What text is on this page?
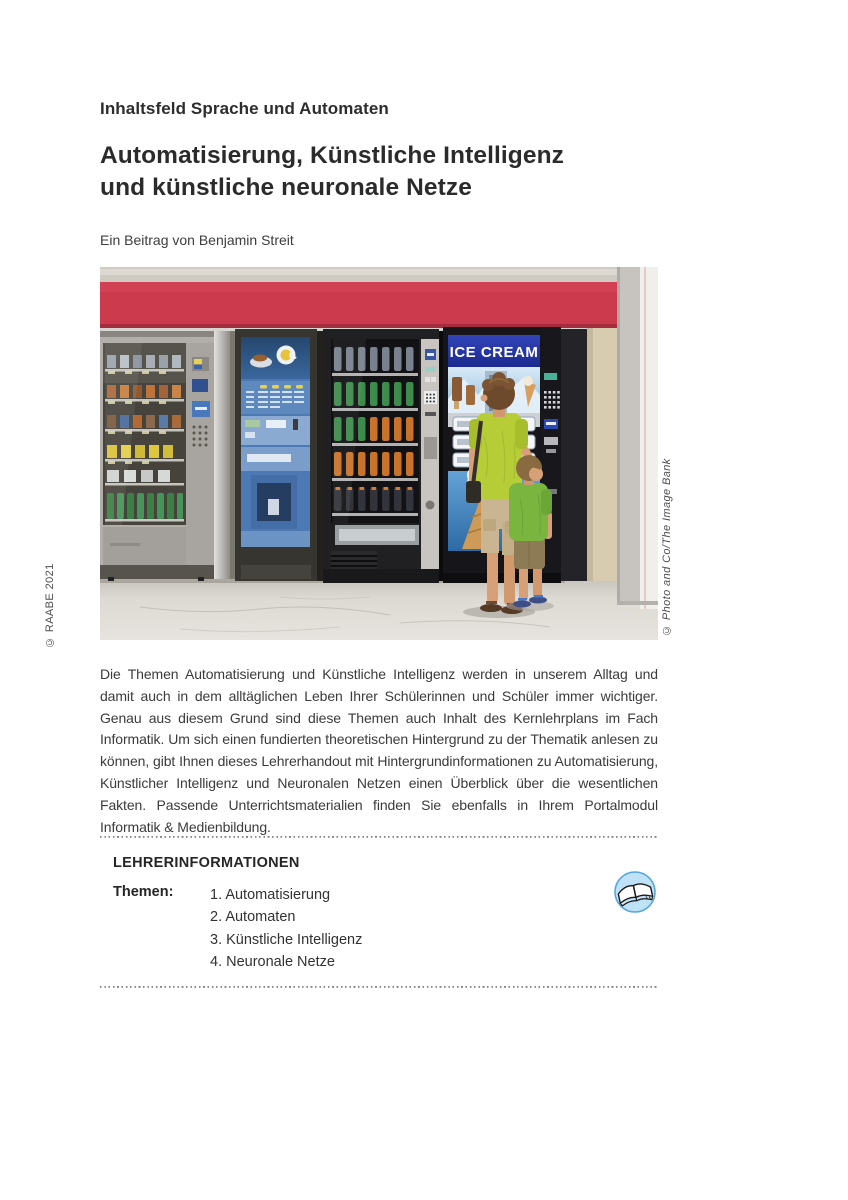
Inhaltsfeld Sprache und Automaten
Automatisierung, Künstliche Intelligenz
und künstliche neuronale Netze
Ein Beitrag von Benjamin Streit
© RAABE 2021	© Photo and Co/The Image Bank
ICE CREAM
Die Themen Automatisierung und Künstliche Intelligenz werden in unserem Alltag und damit auch in dem alltäglichen Leben Ihrer Schülerinnen und Schüler immer wichtiger. Genau aus diesem Grund sind diese Themen auch Inhalt des Kernlehrplans im Fach Informatik. Um sich einen fundierten theoretischen Hintergrund zu der Thematik anlesen zu können, gibt Ihnen dieses Lehrerhandout mit Hintergrundinformationen zu Automatisierung, Künstlicher Intelligenz und Neuronalen Netzen einen Überblick über die wesentlichen Fakten. Passende Unterrichtsmaterialien finden Sie ebenfalls in Ihrem Portalmodul Informatik & Medienbildung.
LEHRERINFORMATIONEN
Themen:	1. Automatisierung
2. Automaten
3. Künstliche Intelligenz
4. Neuronale Netze
